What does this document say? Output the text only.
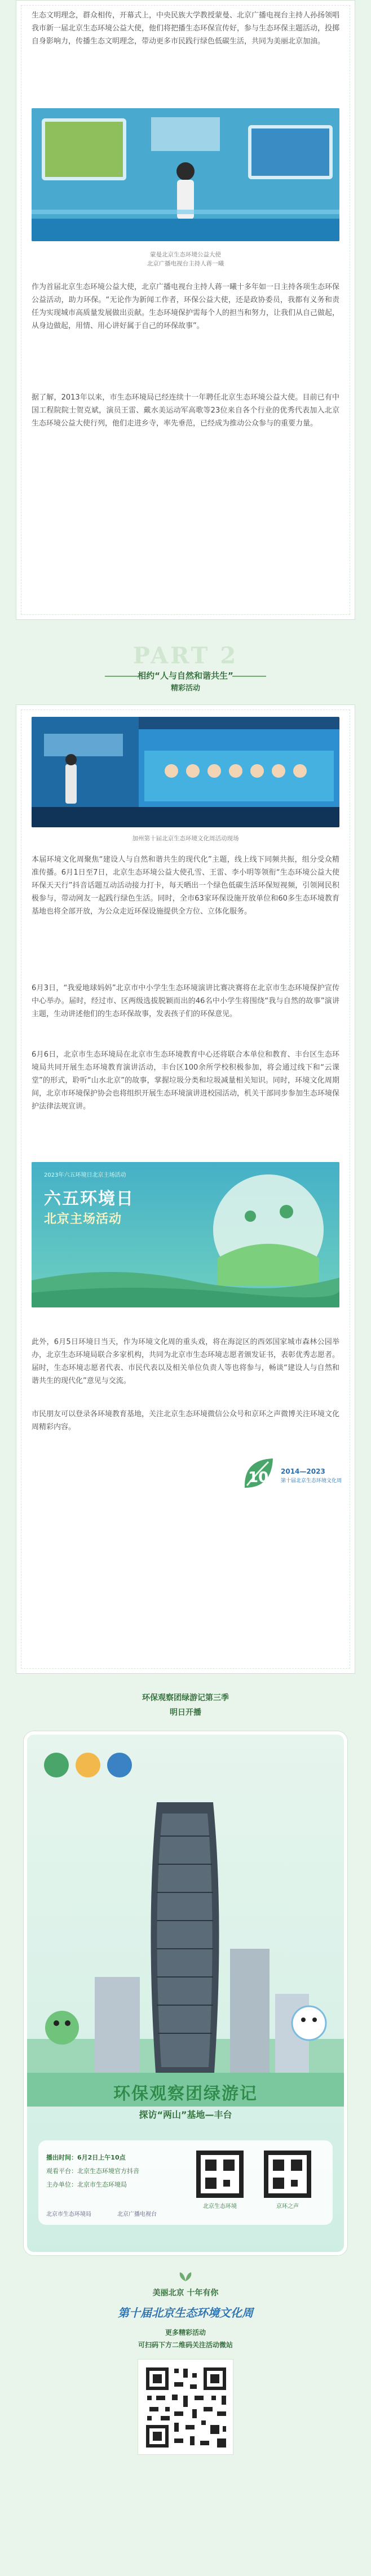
生态文明理念，群众相传，开幕式上，中央民族大学教授蒙曼、北京广播电视台主持人孙扬领唱我市新一届北京生态环境公益大使，他们将把播生态环保宣传好，参与生态环保主题活动，投掷自身影响力，传播生态文明理念，带动更多市民践行绿色低碳生活，共同为美丽北京加油。

蒙曼北京生态环境公益大使
北京广播电视台主持人蒋一曦

作为首届北京生态环境公益大使，北京广播电视台主持人蒋一曦十多年如一日主持各项生态环保公益活动，助力环保。“无论作为新闻工作者，环保公益大使，还是政协委员，我都有义务和责任为实现城市高质量发展做出贡献。生态环境保护需每个人的担当和努力，让我们从自己做起，从身边做起，用情、用心讲好属于自己的环保故事”。

据了解，2013年以来，市生态环境局已经连续十一年聘任北京生态环境公益大使。目前已有中国工程院院士贺克斌，演员王雷、戴水美运动军高歌等23位来自各个行业的优秀代表加入北京生态环境公益大使行列，他们走进乡寺，率先垂范，已经成为推动公众参与的重要力量。

PART 2
相约“人与自然和谐共生”
精彩活动
加州第十届北京生态环境文化周活动现场

本届环境文化周聚焦“建设人与自然和谐共生的现代化”主题，线上线下同频共振，组分受众精准传播。6月1日至7日，北京生态环境公益大使孔雪、王雷、李小明等领衔“生态环境公益大使环保天天行”抖音话题互动活动接力打卡，每天晒出一个绿色低碳生活环保短视频，引领网民积极参与，带动网友一起践行绿色生活。同时，全市63家环保设施开放单位和60多生态环境教育基地也将全部开放，为公众走近环保设施提供全方位、立体化服务。

6月3日，“我爱地球妈妈”北京市中小学生生态环境演讲比赛决赛将在北京市生态环境保护宣传中心举办。届时，经过市、区两级选拔脱颖而出的46名中小学生将围绕“我与自然的故事”演讲主题，生动讲述他们的生态环保故事，发表孩子们的环保意见。

6月6日，北京市生态环境局在北京市生态环境教育中心还将联合本单位和教育、丰台区生态环境局共同开展生态环境教育演讲活动，丰台区100余所学校积极参加，将会通过线下和“云课堂”的形式，聆听“山水北京”的故事，掌握垃圾分类和垃圾减量相关知识。同时，环境文化周期间，北京市环境保护协会也将组织开展生态环境演讲进校园活动，机关干部同步参加生态环境保护法律法规宣讲。

六五环境日
北京主场活动
2023年六五环境日北京主场活动

此外，6月5日环境日当天，作为环境文化周的重头戏，将在海淀区的西郊国家城市森林公园举办，北京生态环境局联合多家机构，共同为北京市生态环境志愿者颁发证书，表彰优秀志愿者。届时，生态环境志愿者代表、市民代表以及相关单位负责人等也将参与，畅谈“建设人与自然和谐共生的现代化”意见与交流。

市民朋友可以登录各环境教育基地，关注北京生态环境微信公众号和京环之声微博关注环境文化周精彩内容。

10 2014—2023
第十届北京生态环境文化周
环保观察团绿游记第三季
明日开播
环保观察团绿游记
探访“两山”基地—丰台
播出时间：6月2日上午10点
观看平台：北京生态环境官方抖音
主办单位：北京市生态环境局
北京生态环境	京环之声
北京市生态环境局	北京广播电视台
美丽北京 十年有你
第十届北京生态环境文化周
更多精彩活动
可扫码下方二维码关注活动微站
